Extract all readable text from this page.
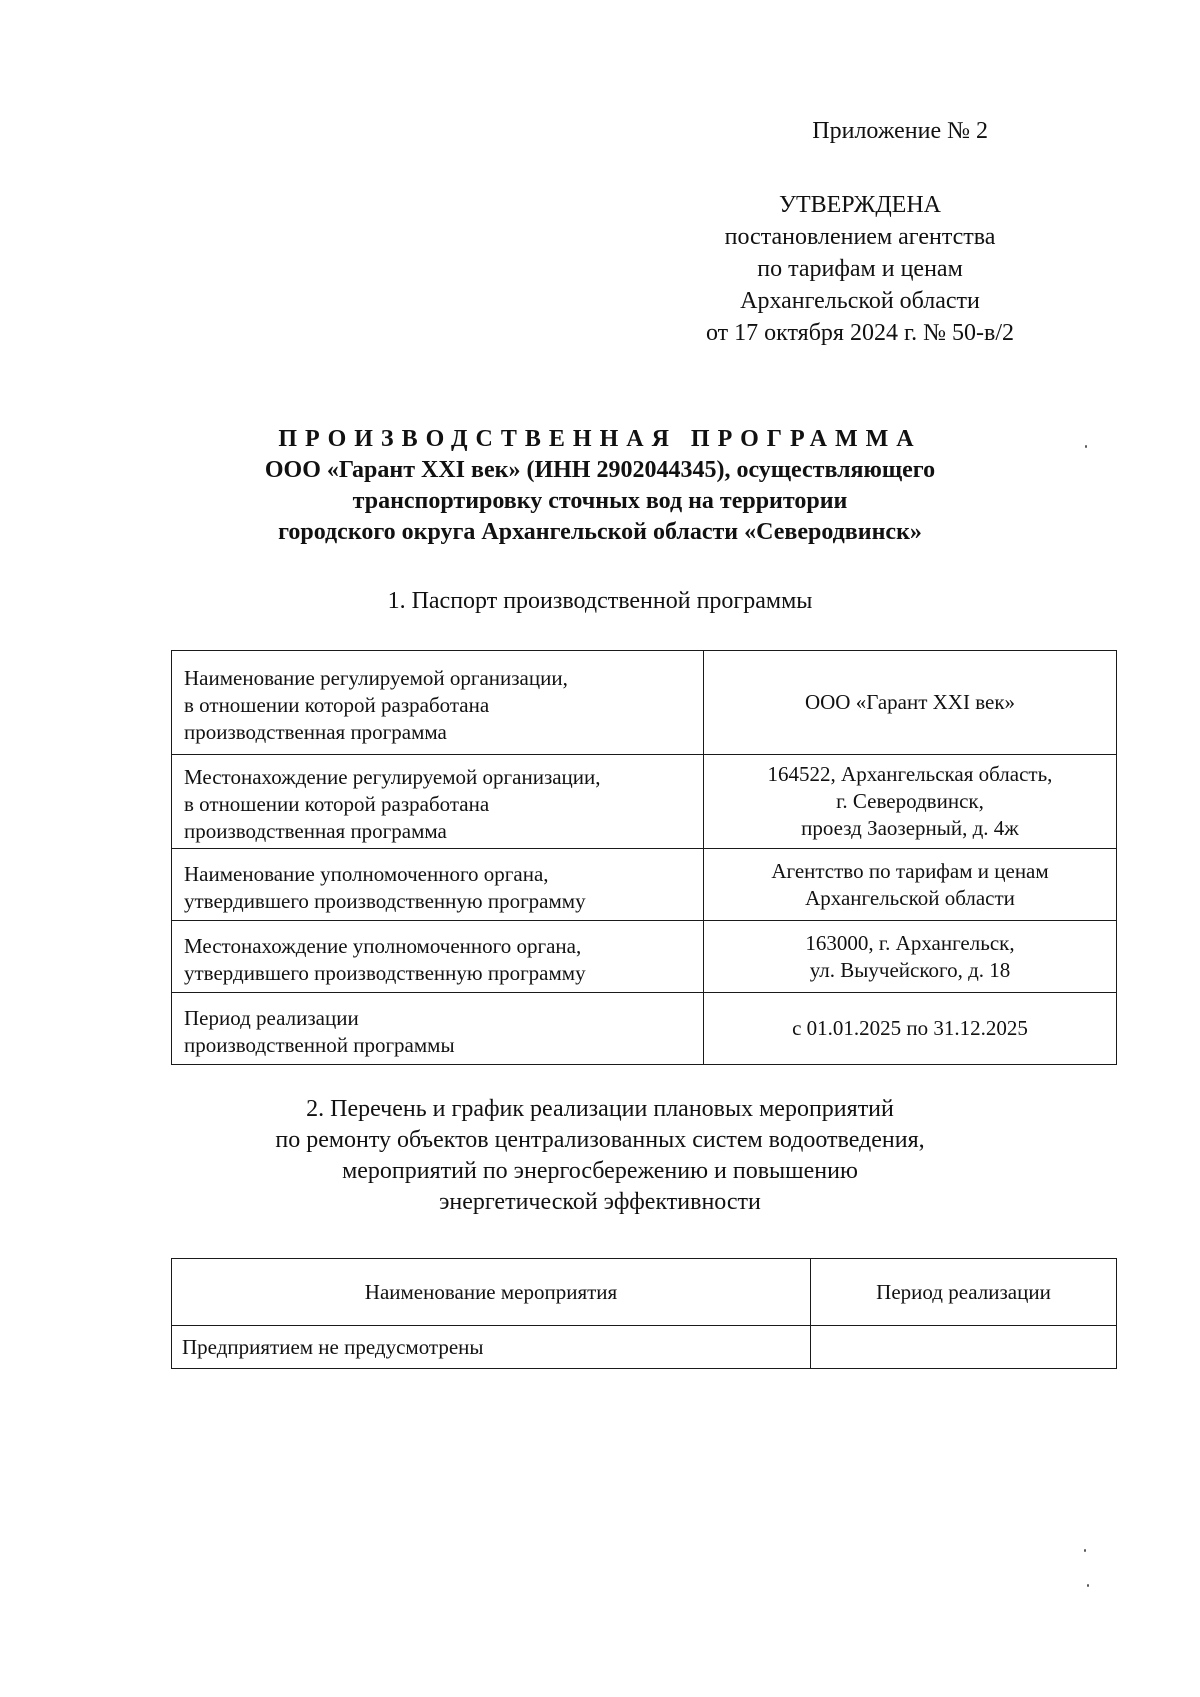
Приложение № 2
УТВЕРЖДЕНА
постановлением агентства
по тарифам и ценам
Архангельской области
от 17 октября 2024 г. № 50-в/2
ПРОИЗВОДСТВЕННАЯ ПРОГРАММА
ООО «Гарант XXI век» (ИНН 2902044345), осуществляющего
транспортировку сточных вод на территории
городского округа Архангельской области «Северодвинск»
1. Паспорт производственной программы
Наименование регулируемой организации,
в отношении которой разработана
производственная программа	ООО «Гарант XXI век»

Местонахождение регулируемой организации,
в отношении которой разработана
производственная программа	164522, Архангельская область,
г. Северодвинск,
проезд Заозерный, д. 4ж

Наименование уполномоченного органа,
утвердившего производственную программу	Агентство по тарифам и ценам
Архангельской области

Местонахождение уполномоченного органа,
утвердившего производственную программу	163000, г. Архангельск,
ул. Выучейского, д. 18

Период реализации
производственной программы	с 01.01.2025 по 31.12.2025
2. Перечень и график реализации плановых мероприятий
по ремонту объектов централизованных систем водоотведения,
мероприятий по энергосбережению и повышению
энергетической эффективности
Наименование мероприятия	Период реализации
Предприятием не предусмотрены	
